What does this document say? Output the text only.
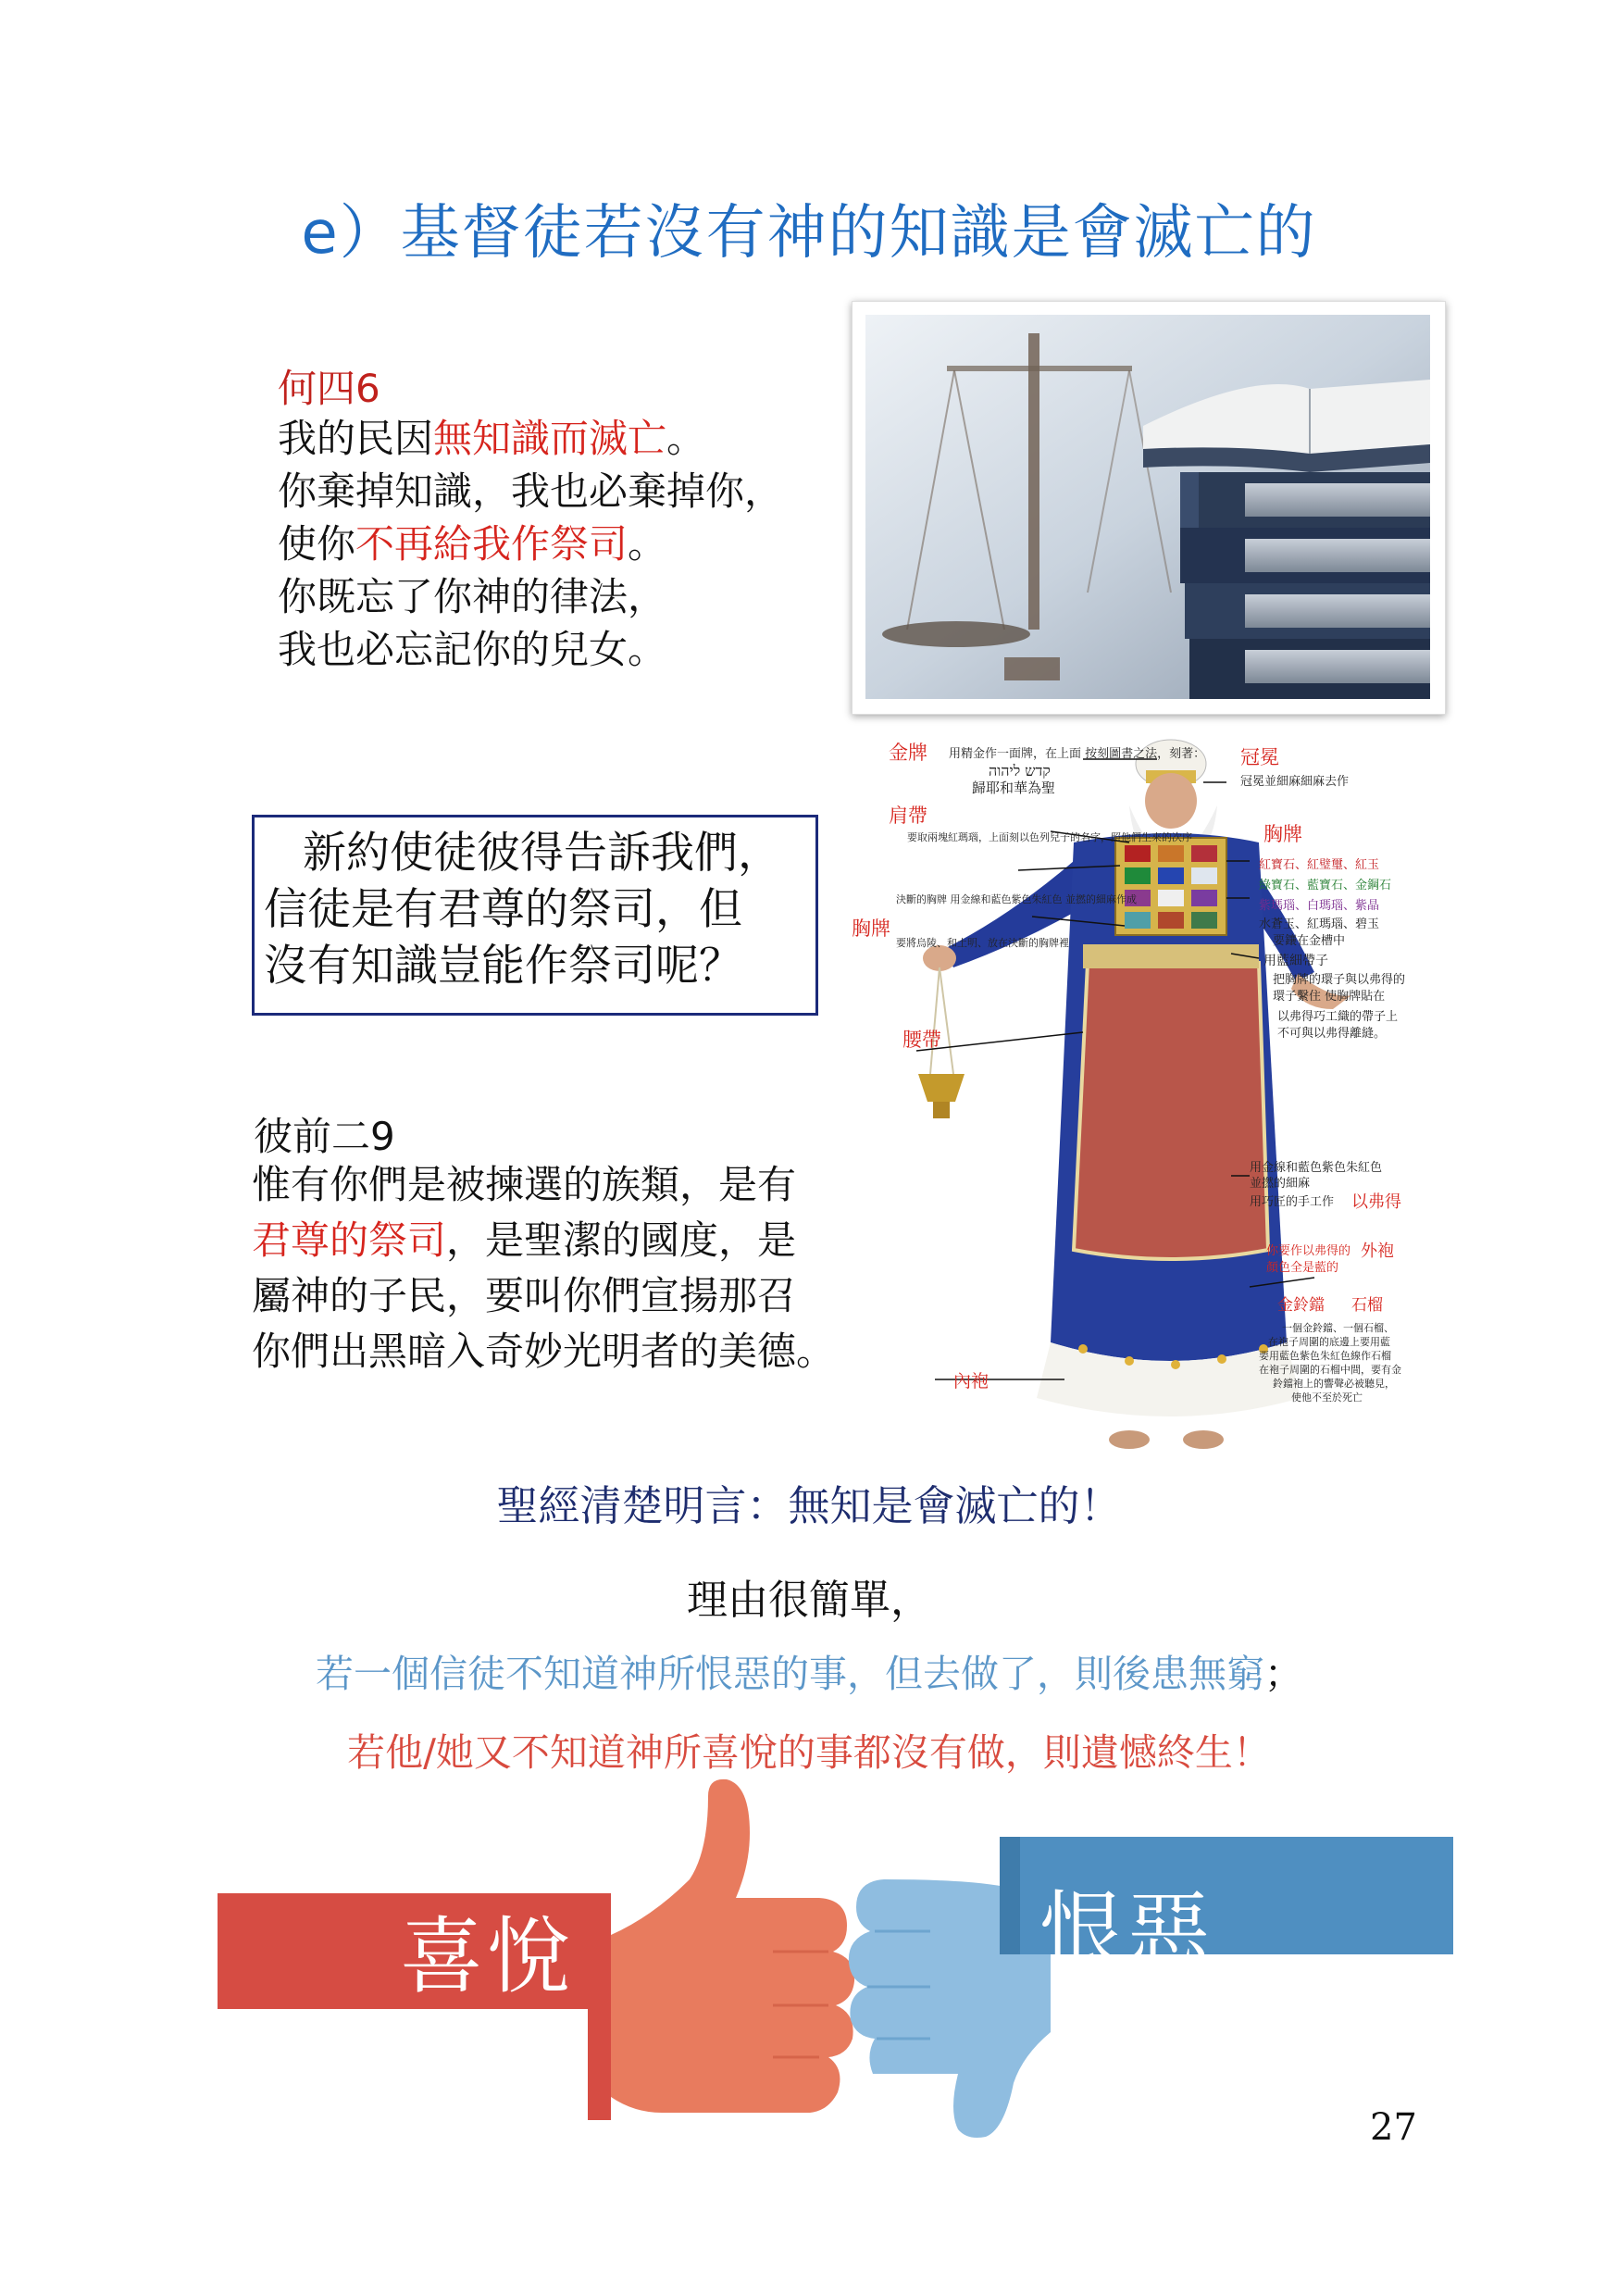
e）基督徒若沒有神的知識是會滅亡的
何四6
我的民因無知識而滅亡。
你棄掉知識，我也必棄掉你，
使你不再給我作祭司。
你既忘了你神的律法，
我也必忘記你的兒女。

新約使徒彼得告訴我們，

信徒是有君尊的祭司，但

沒有知識豈能作祭司呢？

彼前二9
惟有你們是被揀選的族類，是有
君尊的祭司，是聖潔的國度，是
屬神的子民，要叫你們宣揚那召
你們出黑暗入奇妙光明者的美德。
金牌 用精金作一面牌，在上面 按刻圖書之法，刻著：
קדש ליהוה
歸耶和華為聖
冠冕
冠冕並細麻細麻去作
肩帶
要取兩塊紅瑪瑙，上面刻以色列兒子的名字，照他們生來的次序	胸牌
紅寶石、紅璧璽、紅玉
綠寶石、藍寶石、金鋼石
紫瑪瑙、白瑪瑙、紫晶
水蒼玉、紅瑪瑙、碧玉
要鑲在金槽中
決斷的胸牌 用金線和藍色紫色朱紅色 並撚的細麻作成
胸牌
要將烏陵、和土明、放在決斷的胸牌裡
用藍細帶子
把胸牌的環子與以弗得的
環子繫住 使胸牌貼在
以弗得巧工織的帶子上
不可與以弗得離縫。
腰帶
用金線和藍色紫色朱紅色
並撚的細麻
用巧匠的手工作 以弗得
你要作以弗得的 外袍
顏色全是藍的
金鈴鐺 石榴
一個金鈴鐺、一個石榴、
在袍子周圍的底邊上要用藍
要用藍色紫色朱紅色線作石榴
在袍子周圍的石榴中間，要有金
鈴鐺袍上的響聲必被聽見，
使他不至於死亡
內袍
聖經清楚明言：無知是會滅亡的！
理由很簡單，
若一個信徒不知道神所恨惡的事，但去做了，則後患無窮；
若他/她又不知道神所喜悅的事都沒有做，則遺憾終生！
喜悅	恨惡
27
